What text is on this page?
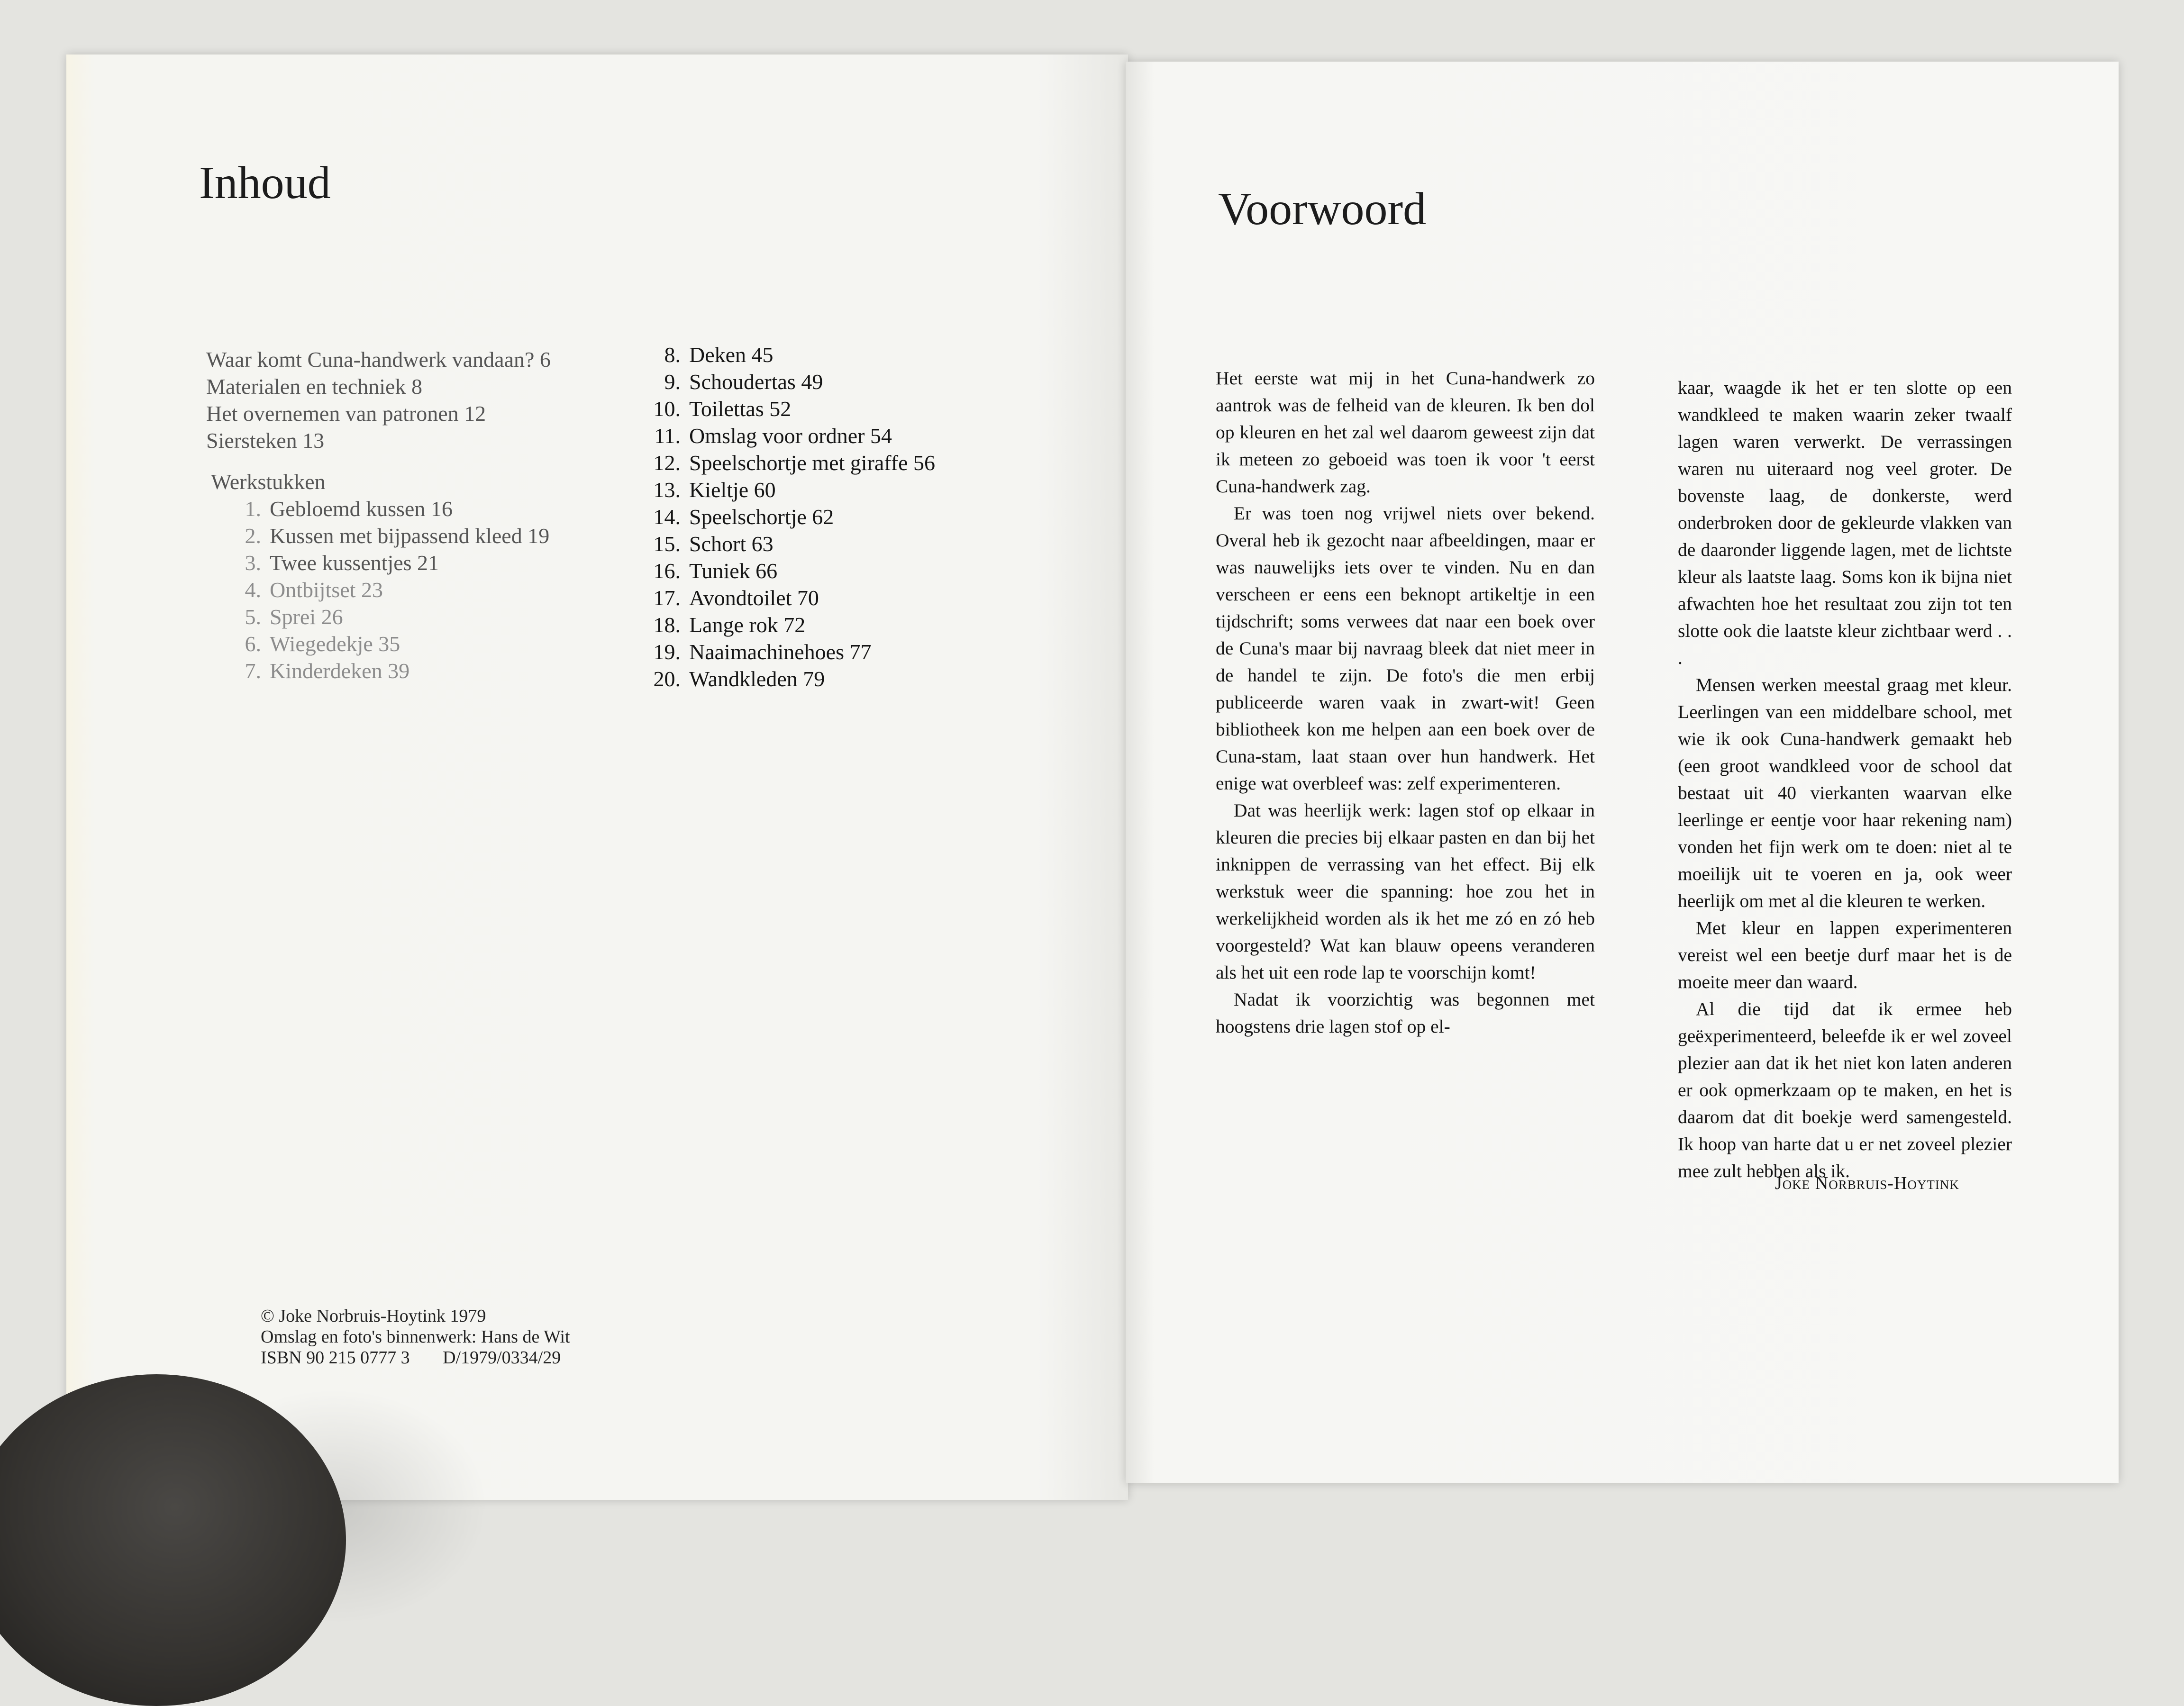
Inhoud
Waar komt Cuna-handwerk vandaan? 6
Materialen en techniek 8
Het overnemen van patronen 12
Siersteken 13
Werkstukken
1. Gebloemd kussen 16
2. Kussen met bijpassend kleed 19
3. Twee kussentjes 21
4. Ontbijtset 23
5. Sprei 26
6. Wiegedekje 35
7. Kinderdeken 39
8. Deken 45
9. Schoudertas 49
10. Toilettas 52
11. Omslag voor ordner 54
12. Speelschortje met giraffe 56
13. Kieltje 60
14. Speelschortje 62
15. Schort 63
16. Tuniek 66
17. Avondtoilet 70
18. Lange rok 72
19. Naaimachinehoes 77
20. Wandkleden 79
© Joke Norbruis-Hoytink 1979
Omslag en foto's binnenwerk: Hans de Wit
ISBN 90 215 0777 3 D/1979/0334/29
Voorwoord

Het eerste wat mij in het Cuna-handwerk zo aantrok was de felheid van de kleuren. Ik ben dol op kleuren en het zal wel daarom geweest zijn dat ik meteen zo geboeid was toen ik voor 't eerst Cuna-handwerk zag.

Er was toen nog vrijwel niets over bekend. Overal heb ik gezocht naar afbeeldingen, maar er was nauwelijks iets over te vinden. Nu en dan verscheen er eens een beknopt artikeltje in een tijdschrift; soms verwees dat naar een boek over de Cuna's maar bij navraag bleek dat niet meer in de handel te zijn. De foto's die men erbij publiceerde waren vaak in zwart-wit! Geen bibliotheek kon me helpen aan een boek over de Cuna-stam, laat staan over hun handwerk. Het enige wat overbleef was: zelf experimenteren.

Dat was heerlijk werk: lagen stof op elkaar in kleuren die precies bij elkaar pasten en dan bij het inknippen de verrassing van het effect. Bij elk werkstuk weer die spanning: hoe zou het in werkelijkheid worden als ik het me zó en zó heb voorgesteld? Wat kan blauw opeens veranderen als het uit een rode lap te voorschijn komt!

Nadat ik voorzichtig was begonnen met hoogstens drie lagen stof op el-

kaar, waagde ik het er ten slotte op een wandkleed te maken waarin zeker twaalf lagen waren verwerkt. De verrassingen waren nu uiteraard nog veel groter. De bovenste laag, de donkerste, werd onderbroken door de gekleurde vlakken van de daaronder liggende lagen, met de lichtste kleur als laatste laag. Soms kon ik bijna niet afwachten hoe het resultaat zou zijn tot ten slotte ook die laatste kleur zichtbaar werd . . .

Mensen werken meestal graag met kleur. Leerlingen van een middelbare school, met wie ik ook Cuna-handwerk gemaakt heb (een groot wandkleed voor de school dat bestaat uit 40 vierkanten waarvan elke leerlinge er eentje voor haar rekening nam) vonden het fijn werk om te doen: niet al te moeilijk uit te voeren en ja, ook weer heerlijk om met al die kleuren te werken.

Met kleur en lappen experimenteren vereist wel een beetje durf maar het is de moeite meer dan waard.

Al die tijd dat ik ermee heb geëxperimenteerd, beleefde ik er wel zoveel plezier aan dat ik het niet kon laten anderen er ook opmerkzaam op te maken, en het is daarom dat dit boekje werd samengesteld. Ik hoop van harte dat u er net zoveel plezier mee zult hebben als ik.

Joke Norbruis-Hoytink
